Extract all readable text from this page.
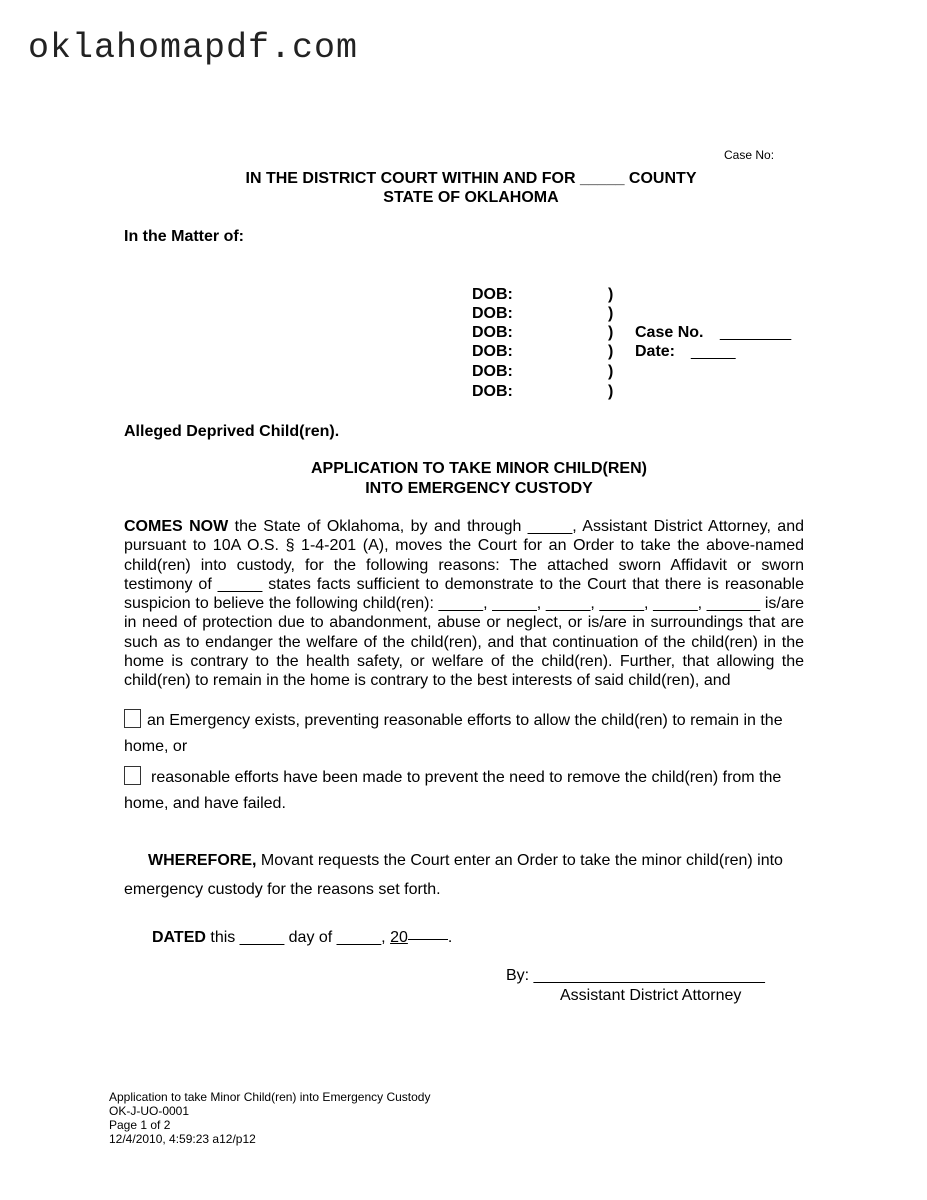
oklahomapdf.com
Case No:
IN THE DISTRICT COURT WITHIN AND FOR _____ COUNTY
STATE OF OKLAHOMA
In the Matter of:
DOB:
DOB:
DOB:
DOB:
DOB:
DOB:
)
)
)
)
)
)
Case No. ________
Date: _____
Alleged Deprived Child(ren).
APPLICATION TO TAKE MINOR CHILD(REN)
INTO EMERGENCY CUSTODY
COMES NOW the State of Oklahoma, by and through _____, Assistant District Attorney, and pursuant to 10A O.S. § 1-4-201 (A), moves the Court for an Order to take the above-named child(ren) into custody, for the following reasons: The attached sworn Affidavit or sworn testimony of _____ states facts sufficient to demonstrate to the Court that there is reasonable suspicion to believe the following child(ren): _____, _____, _____, _____, _____, ______ is/are in need of protection due to abandonment, abuse or neglect, or is/are in surroundings that are such as to endanger the welfare of the child(ren), and that continuation of the child(ren) in the home is contrary to the health safety, or welfare of the child(ren). Further, that allowing the child(ren) to remain in the home is contrary to the best interests of said child(ren), and
an Emergency exists, preventing reasonable efforts to allow the child(ren) to remain in the
home, or
reasonable efforts have been made to prevent the need to remove the child(ren) from the
home, and have failed.
WHEREFORE, Movant requests the Court enter an Order to take the minor child(ren) into
emergency custody for the reasons set forth.
DATED this _____ day of _____, 20	.
By: __________________________
Assistant District Attorney
Application to take Minor Child(ren) into Emergency Custody
OK-J-UO-0001
Page 1 of 2
12/4/2010, 4:59:23 a12/p12
